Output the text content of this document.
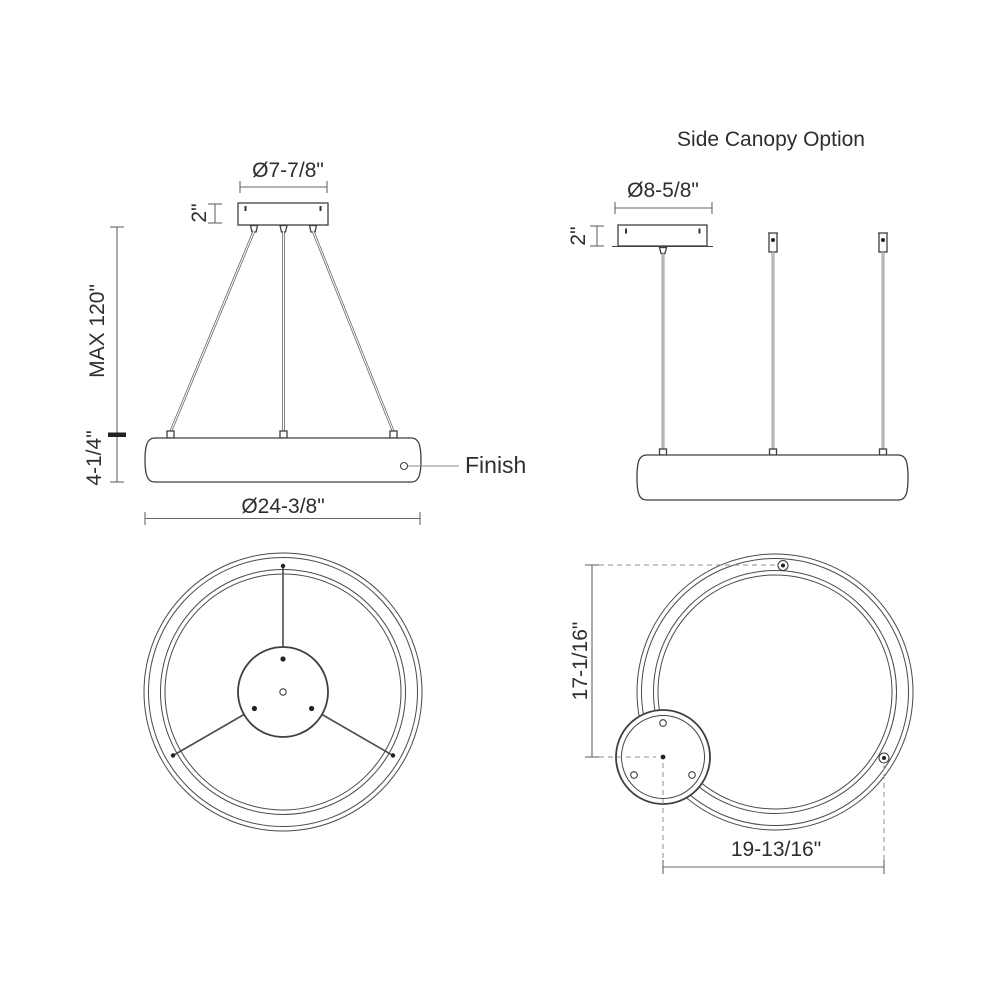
Ø7-7/8"
2"
Finish
MAX 120"
4-1/4"
Ø24-3/8"
Side Canopy Option
Ø8-5/8"
2"
17-1/16"
19-13/16"
